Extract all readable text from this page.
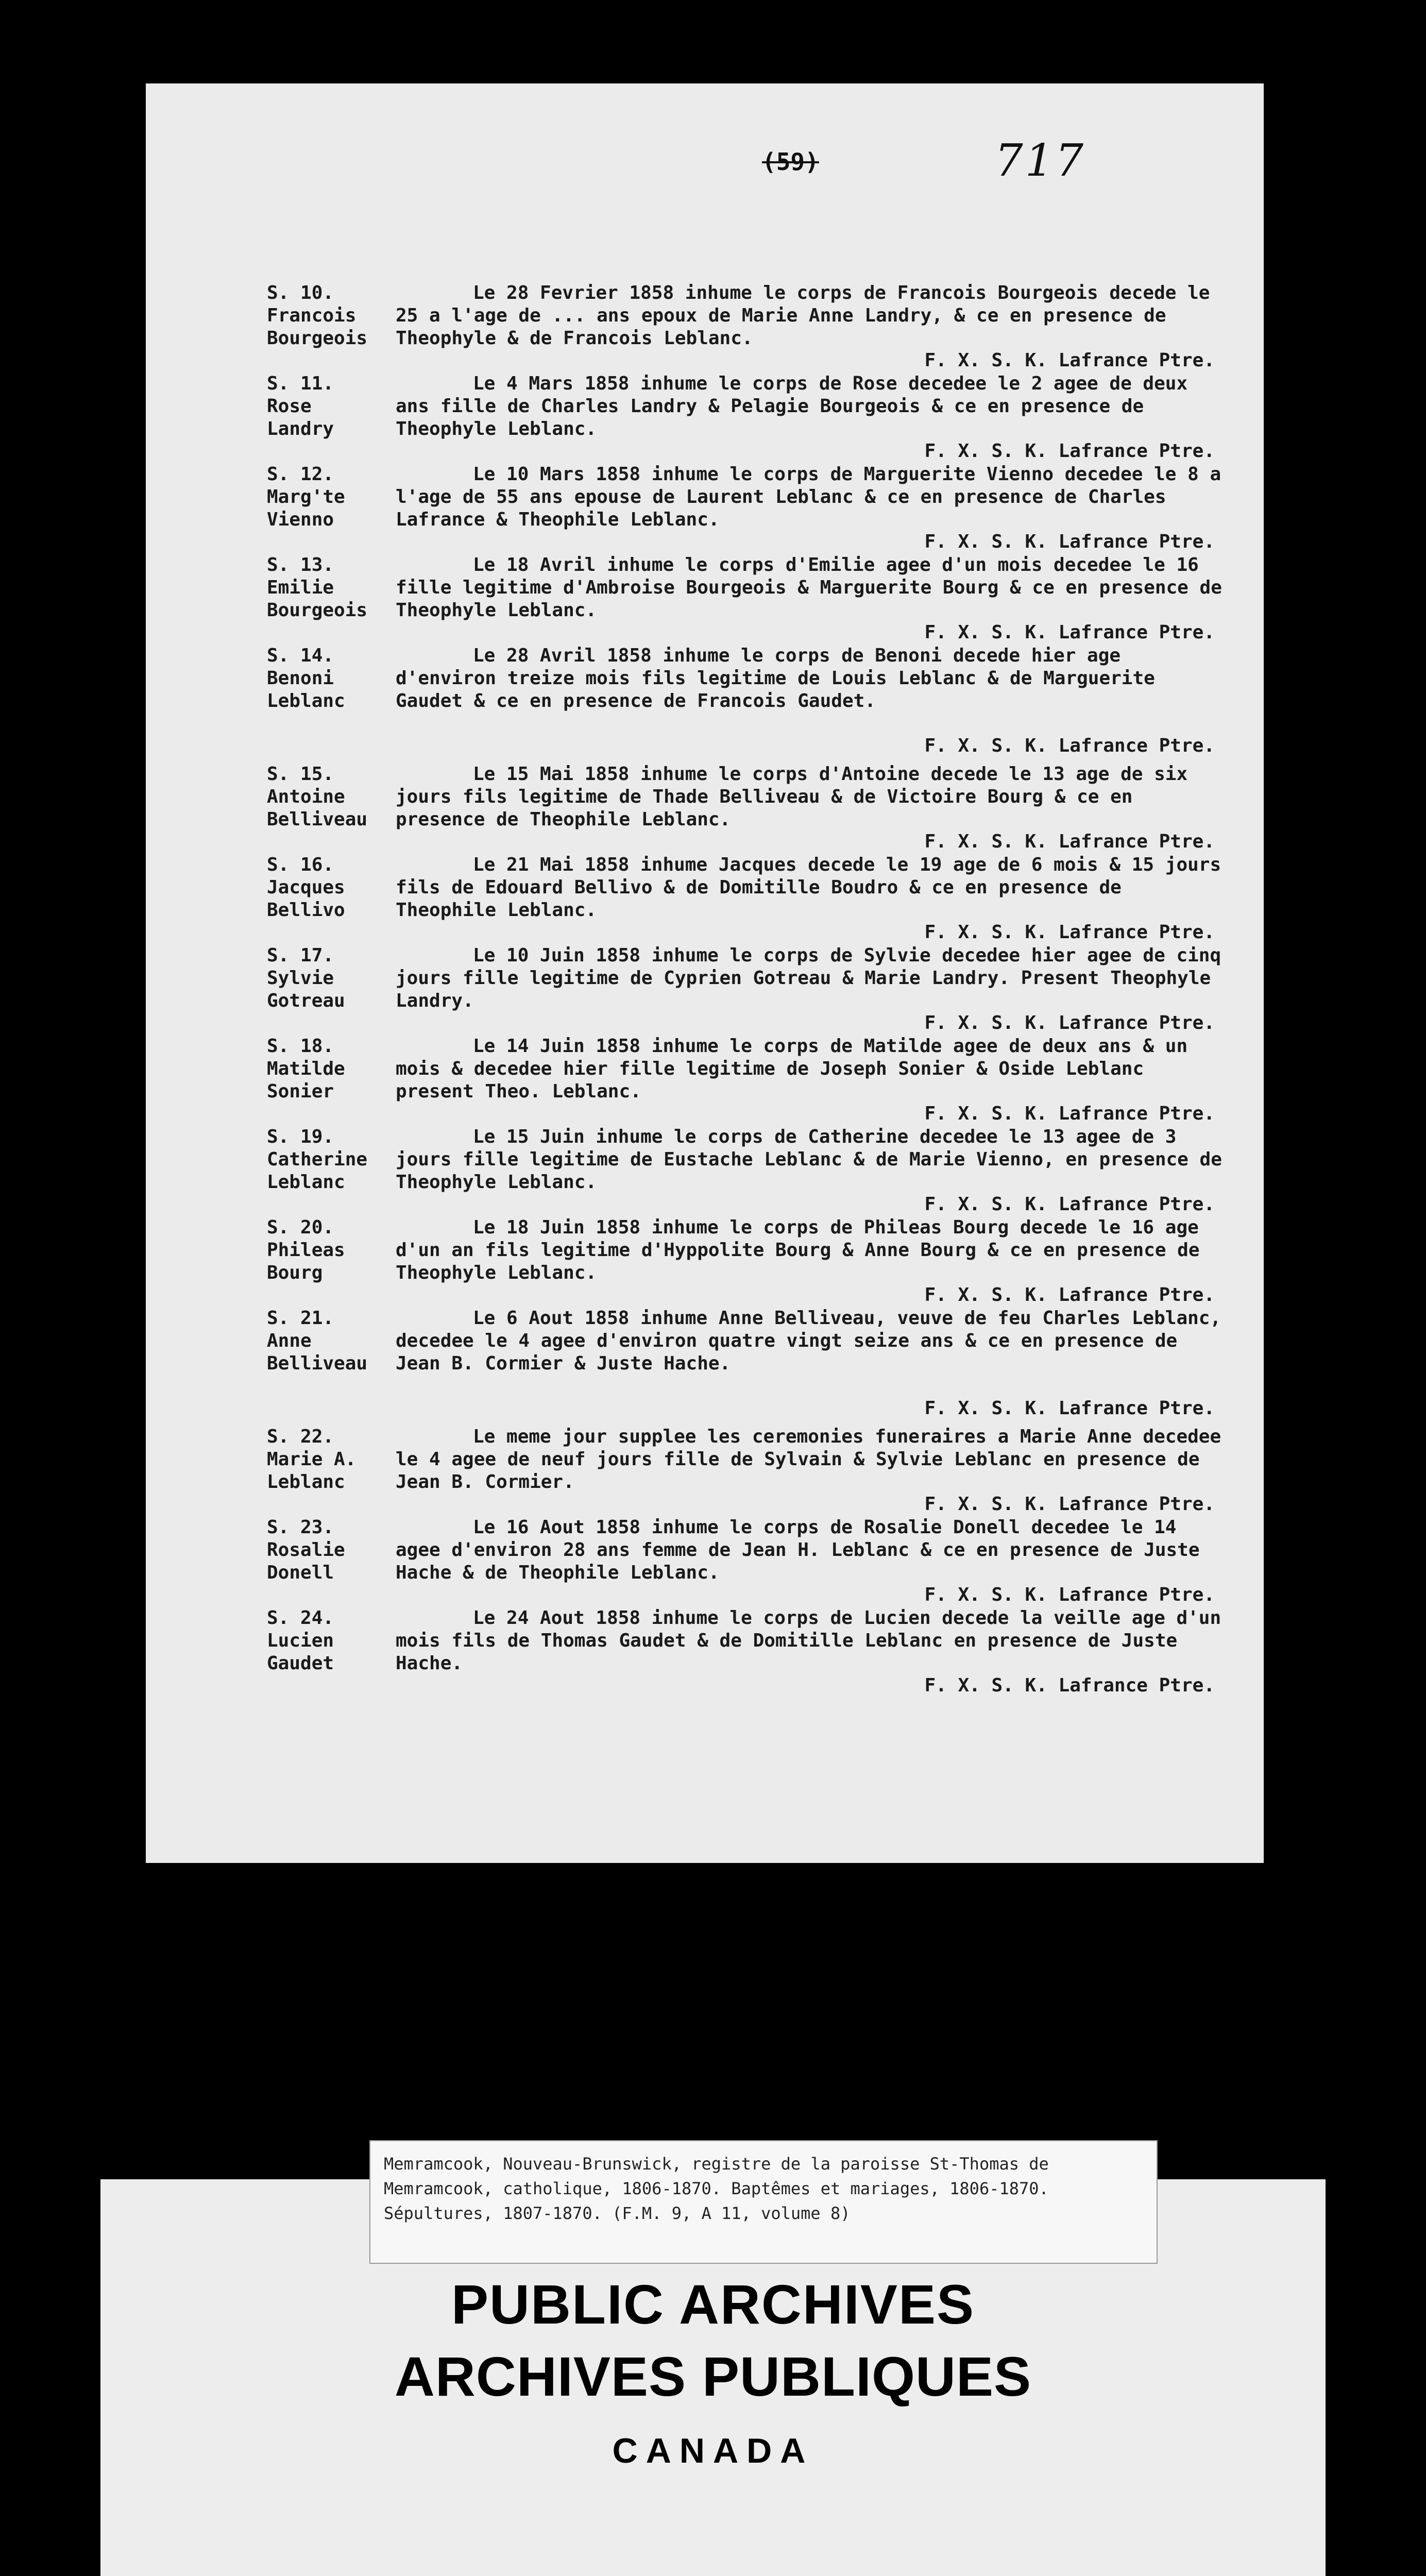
(59)	717
S. 10.
Francois
Bourgeois
Le 28 Fevrier 1858 inhume le corps de Francois Bourgeois decede le 25 a l'age de ... ans epoux de Marie Anne Landry, & ce en presence de Theophyle & de Francois Leblanc.
F. X. S. K. Lafrance Ptre.
S. 11.
Rose
Landry
Le 4 Mars 1858 inhume le corps de Rose decedee le 2 agee de deux ans fille de Charles Landry & Pelagie Bourgeois & ce en presence de Theophyle Leblanc.
F. X. S. K. Lafrance Ptre.
S. 12.
Marg'te
Vienno
Le 10 Mars 1858 inhume le corps de Marguerite Vienno decedee le 8 a l'age de 55 ans epouse de Laurent Leblanc & ce en presence de Charles Lafrance & Theophile Leblanc.
F. X. S. K. Lafrance Ptre.
S. 13.
Emilie
Bourgeois
Le 18 Avril inhume le corps d'Emilie agee d'un mois decedee le 16 fille legitime d'Ambroise Bourgeois & Marguerite Bourg & ce en presence de Theophyle Leblanc.
F. X. S. K. Lafrance Ptre.
S. 14.
Benoni
Leblanc
Le 28 Avril 1858 inhume le corps de Benoni decede hier age d'environ treize mois fils legitime de Louis Leblanc & de Marguerite Gaudet & ce en presence de Francois Gaudet.
F. X. S. K. Lafrance Ptre.
S. 15.
Antoine
Belliveau
Le 15 Mai 1858 inhume le corps d'Antoine decede le 13 age de six jours fils legitime de Thade Belliveau & de Victoire Bourg & ce en presence de Theophile Leblanc.
F. X. S. K. Lafrance Ptre.
S. 16.
Jacques
Bellivo
Le 21 Mai 1858 inhume Jacques decede le 19 age de 6 mois & 15 jours fils de Edouard Bellivo & de Domitille Boudro & ce en presence de Theophile Leblanc.
F. X. S. K. Lafrance Ptre.
S. 17.
Sylvie
Gotreau
Le 10 Juin 1858 inhume le corps de Sylvie decedee hier agee de cinq jours fille legitime de Cyprien Gotreau & Marie Landry. Present Theophyle Landry.
F. X. S. K. Lafrance Ptre.
S. 18.
Matilde
Sonier
Le 14 Juin 1858 inhume le corps de Matilde agee de deux ans & un mois & decedee hier fille legitime de Joseph Sonier & Oside Leblanc present Theo. Leblanc.
F. X. S. K. Lafrance Ptre.
S. 19.
Catherine
Leblanc
Le 15 Juin inhume le corps de Catherine decedee le 13 agee de 3 jours fille legitime de Eustache Leblanc & de Marie Vienno, en presence de Theophyle Leblanc.
F. X. S. K. Lafrance Ptre.
S. 20.
Phileas
Bourg
Le 18 Juin 1858 inhume le corps de Phileas Bourg decede le 16 age d'un an fils legitime d'Hyppolite Bourg & Anne Bourg & ce en presence de Theophyle Leblanc.
F. X. S. K. Lafrance Ptre.
S. 21.
Anne
Belliveau
Le 6 Aout 1858 inhume Anne Belliveau, veuve de feu Charles Leblanc, decedee le 4 agee d'environ quatre vingt seize ans & ce en presence de Jean B. Cormier & Juste Hache.
F. X. S. K. Lafrance Ptre.
S. 22.
Marie A.
Leblanc
Le meme jour supplee les ceremonies funeraires a Marie Anne decedee le 4 agee de neuf jours fille de Sylvain & Sylvie Leblanc en presence de Jean B. Cormier.
F. X. S. K. Lafrance Ptre.
S. 23.
Rosalie
Donell
Le 16 Aout 1858 inhume le corps de Rosalie Donell decedee le 14 agee d'environ 28 ans femme de Jean H. Leblanc & ce en presence de Juste Hache & de Theophile Leblanc.
F. X. S. K. Lafrance Ptre.
S. 24.
Lucien
Gaudet
Le 24 Aout 1858 inhume le corps de Lucien decede la veille age d'un mois fils de Thomas Gaudet & de Domitille Leblanc en presence de Juste Hache.
F. X. S. K. Lafrance Ptre.
Memramcook, Nouveau-Brunswick, registre de la paroisse St-Thomas de Memramcook, catholique, 1806-1870. Baptêmes et mariages, 1806-1870. Sépultures, 1807-1870. (F.M. 9, A 11, volume 8)
PUBLIC ARCHIVES
ARCHIVES PUBLIQUES
CANADA
